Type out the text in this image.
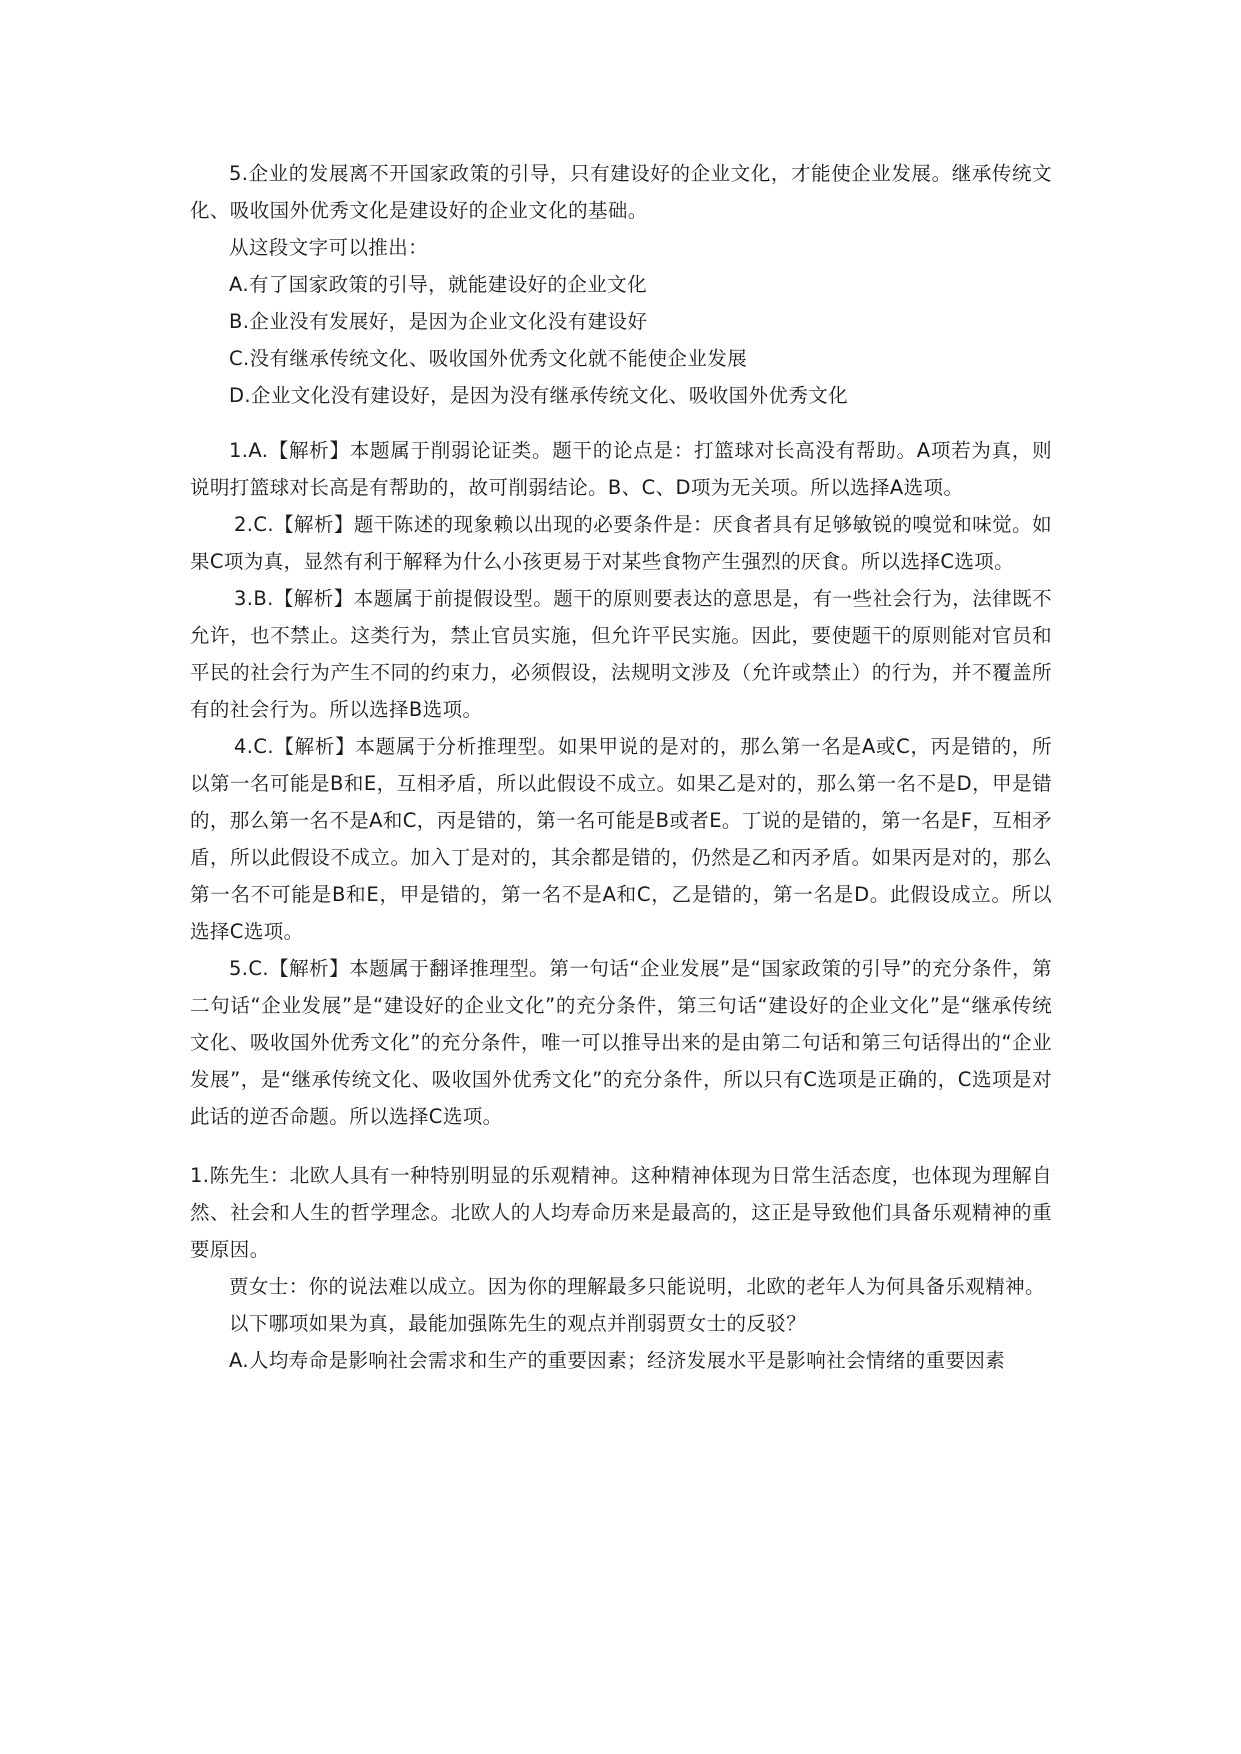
5.企业的发展离不开国家政策的引导，只有建设好的企业文化，才能使企业发展。继承传统文化、吸收国外优秀文化是建设好的企业文化的基础。

从这段文字可以推出：

A.有了国家政策的引导，就能建设好的企业文化

B.企业没有发展好，是因为企业文化没有建设好

C.没有继承传统文化、吸收国外优秀文化就不能使企业发展

D.企业文化没有建设好，是因为没有继承传统文化、吸收国外优秀文化

1.A.【解析】本题属于削弱论证类。题干的论点是：打篮球对长高没有帮助。A项若为真，则说明打篮球对长高是有帮助的，故可削弱结论。B、C、D项为无关项。所以选择A选项。

2.C.【解析】题干陈述的现象赖以出现的必要条件是：厌食者具有足够敏锐的嗅觉和味觉。如果C项为真，显然有利于解释为什么小孩更易于对某些食物产生强烈的厌食。所以选择C选项。

3.B.【解析】本题属于前提假设型。题干的原则要表达的意思是，有一些社会行为，法律既不允许，也不禁止。这类行为，禁止官员实施，但允许平民实施。因此，要使题干的原则能对官员和平民的社会行为产生不同的约束力，必须假设，法规明文涉及（允许或禁止）的行为，并不覆盖所有的社会行为。所以选择B选项。

4.C.【解析】本题属于分析推理型。如果甲说的是对的，那么第一名是A或C，丙是错的，所以第一名可能是B和E，互相矛盾，所以此假设不成立。如果乙是对的，那么第一名不是D，甲是错的，那么第一名不是A和C，丙是错的，第一名可能是B或者E。丁说的是错的，第一名是F，互相矛盾，所以此假设不成立。加入丁是对的，其余都是错的，仍然是乙和丙矛盾。如果丙是对的，那么第一名不可能是B和E，甲是错的，第一名不是A和C，乙是错的，第一名是D。此假设成立。所以选择C选项。

5.C.【解析】本题属于翻译推理型。第一句话“企业发展”是“国家政策的引导”的充分条件，第二句话“企业发展”是“建设好的企业文化”的充分条件，第三句话“建设好的企业文化”是“继承传统文化、吸收国外优秀文化”的充分条件，唯一可以推导出来的是由第二句话和第三句话得出的“企业发展”，是“继承传统文化、吸收国外优秀文化”的充分条件，所以只有C选项是正确的，C选项是对此话的逆否命题。所以选择C选项。

1.陈先生：北欧人具有一种特别明显的乐观精神。这种精神体现为日常生活态度，也体现为理解自然、社会和人生的哲学理念。北欧人的人均寿命历来是最高的，这正是导致他们具备乐观精神的重要原因。

贾女士：你的说法难以成立。因为你的理解最多只能说明，北欧的老年人为何具备乐观精神。

以下哪项如果为真，最能加强陈先生的观点并削弱贾女士的反驳？

A.人均寿命是影响社会需求和生产的重要因素；经济发展水平是影响社会情绪的重要因素
